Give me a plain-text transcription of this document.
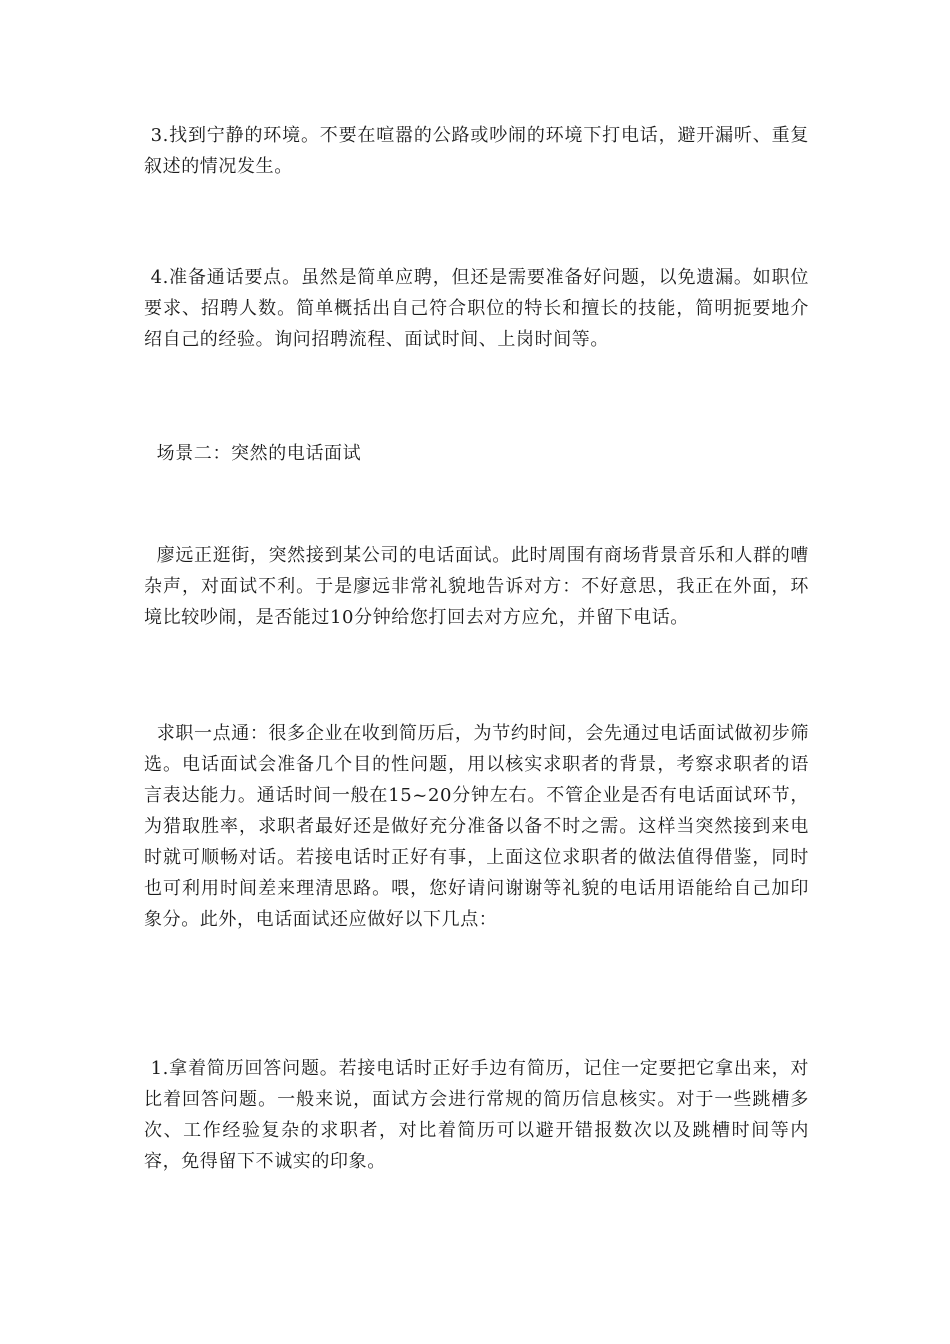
3.找到宁静的环境。不要在喧嚣的公路或吵闹的环境下打电话，避开漏听、重复叙述的情况发生。

4.准备通话要点。虽然是简单应聘，但还是需要准备好问题，以免遗漏。如职位要求、招聘人数。简单概括出自己符合职位的特长和擅长的技能，简明扼要地介绍自己的经验。询问招聘流程、面试时间、上岗时间等。

场景二：突然的电话面试

廖远正逛街，突然接到某公司的电话面试。此时周围有商场背景音乐和人群的嘈杂声，对面试不利。于是廖远非常礼貌地告诉对方：不好意思，我正在外面，环境比较吵闹，是否能过10分钟给您打回去对方应允，并留下电话。

求职一点通：很多企业在收到简历后，为节约时间，会先通过电话面试做初步筛选。电话面试会准备几个目的性问题，用以核实求职者的背景，考察求职者的语言表达能力。通话时间一般在15~20分钟左右。不管企业是否有电话面试环节，为猎取胜率，求职者最好还是做好充分准备以备不时之需。这样当突然接到来电时就可顺畅对话。若接电话时正好有事，上面这位求职者的做法值得借鉴，同时也可利用时间差来理清思路。喂，您好请问谢谢等礼貌的电话用语能给自己加印象分。此外，电话面试还应做好以下几点：

1.拿着简历回答问题。若接电话时正好手边有简历，记住一定要把它拿出来，对比着回答问题。一般来说，面试方会进行常规的简历信息核实。对于一些跳槽多次、工作经验复杂的求职者，对比着简历可以避开错报数次以及跳槽时间等内容，免得留下不诚实的印象。
